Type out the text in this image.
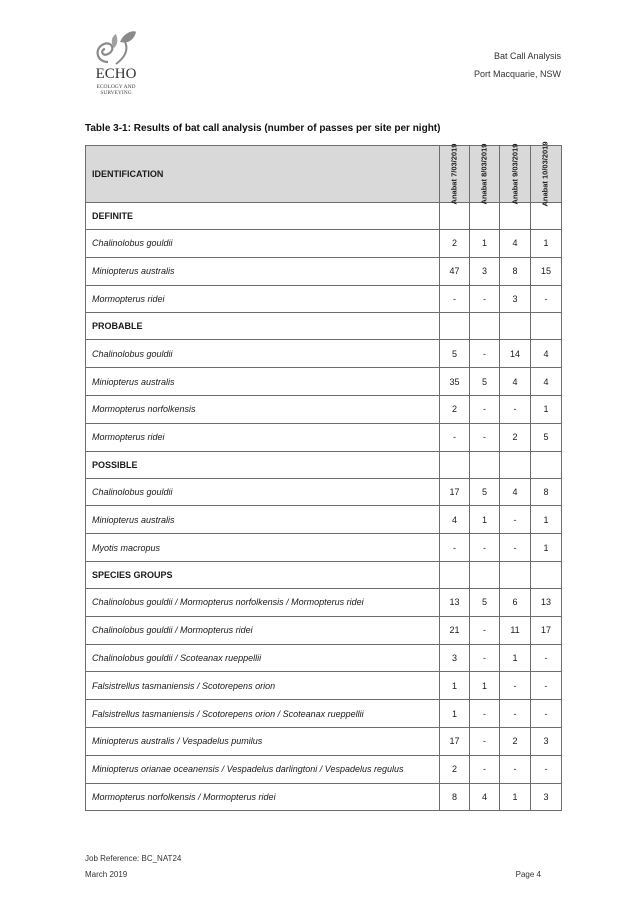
ECHO
ECOLOGY AND SURVEYING
Bat Call Analysis
Port Macquarie, NSW
Table 3-1: Results of bat call analysis (number of passes per site per night)
IDENTIFICATION	Anabat 7/03/2019	Anabat 8/03/2019	Anabat 9/03/2019	Anabat 10/03/2019

DEFINITE				
Chalinolobus gouldii	2	1	4	1
Miniopterus australis	47	3	8	15
Mormopterus ridei	-	-	3	-
PROBABLE				
Chalinolobus gouldii	5	-	14	4
Miniopterus australis	35	5	4	4
Mormopterus norfolkensis	2	-	-	1
Mormopterus ridei	-	-	2	5
POSSIBLE				
Chalinolobus gouldii	17	5	4	8
Miniopterus australis	4	1	-	1
Myotis macropus	-	-	-	1
SPECIES GROUPS				
Chalinolobus gouldii / Mormopterus norfolkensis / Mormopterus ridei	13	5	6	13
Chalinolobus gouldii / Mormopterus ridei	21	-	11	17
Chalinolobus gouldii / Scoteanax rueppellii	3	-	1	-
Falsistrellus tasmaniensis / Scotorepens orion	1	1	-	-
Falsistrellus tasmaniensis / Scotorepens orion / Scoteanax rueppellii	1	-	-	-
Miniopterus australis / Vespadelus pumilus	17	-	2	3
Miniopterus orianae oceanensis / Vespadelus darlingtoni / Vespadelus regulus	2	-	-	-
Mormopterus norfolkensis / Mormopterus ridei	8	4	1	3
Job Reference: BC_NAT24
March 2019	Page 4
